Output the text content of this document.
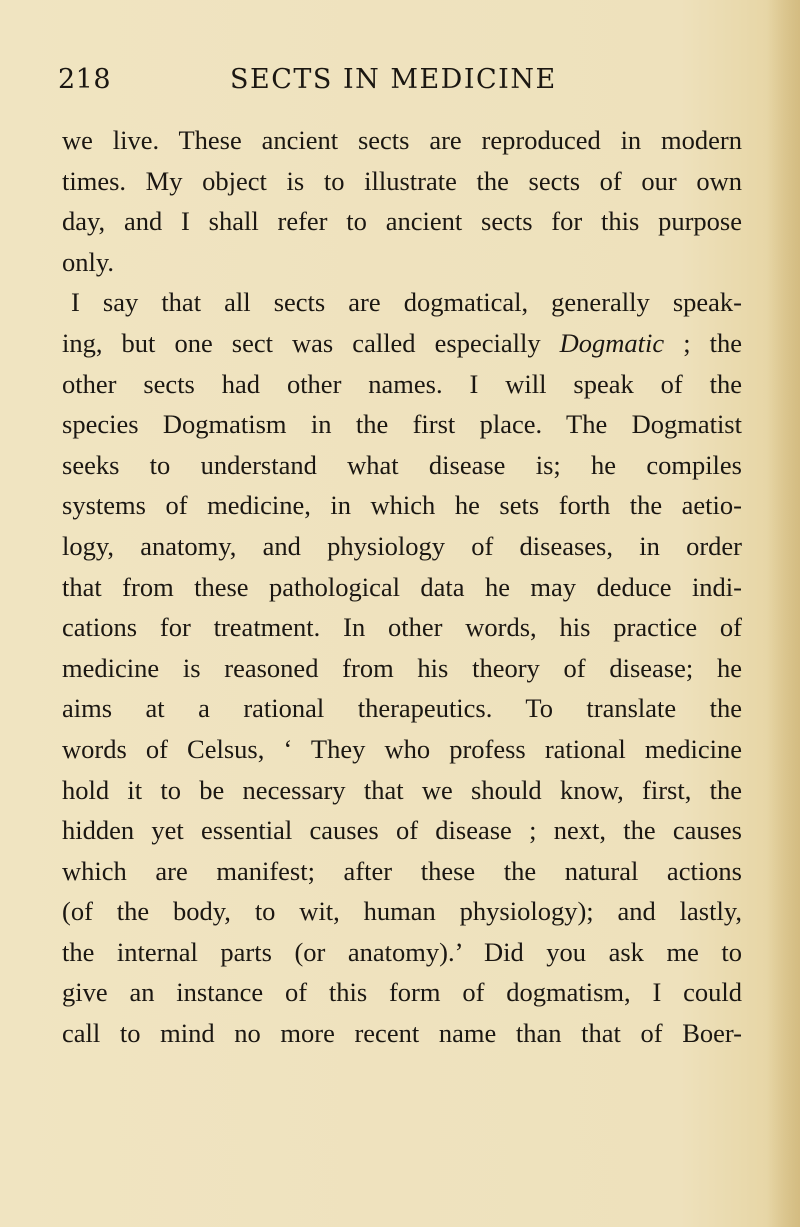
218	SECTS IN MEDICINE
we live. These ancient sects are reproduced in modern
times. My object is to illustrate the sects of our own
day, and I shall refer to ancient sects for this purpose
only.
I say that all sects are dogmatical, generally speak-
ing, but one sect was called especially Dogmatic ; the
other sects had other names. I will speak of the
species Dogmatism in the first place. The Dogmatist
seeks to understand what disease is; he compiles
systems of medicine, in which he sets forth the aetio-
logy, anatomy, and physiology of diseases, in order
that from these pathological data he may deduce indi-
cations for treatment. In other words, his practice of
medicine is reasoned from his theory of disease; he
aims at a rational therapeutics. To translate the
words of Celsus, ‘ They who profess rational medicine
hold it to be necessary that we should know, first, the
hidden yet essential causes of disease ; next, the causes
which are manifest; after these the natural actions
(of the body, to wit, human physiology); and lastly,
the internal parts (or anatomy).’ Did you ask me to
give an instance of this form of dogmatism, I could
call to mind no more recent name than that of Boer-
